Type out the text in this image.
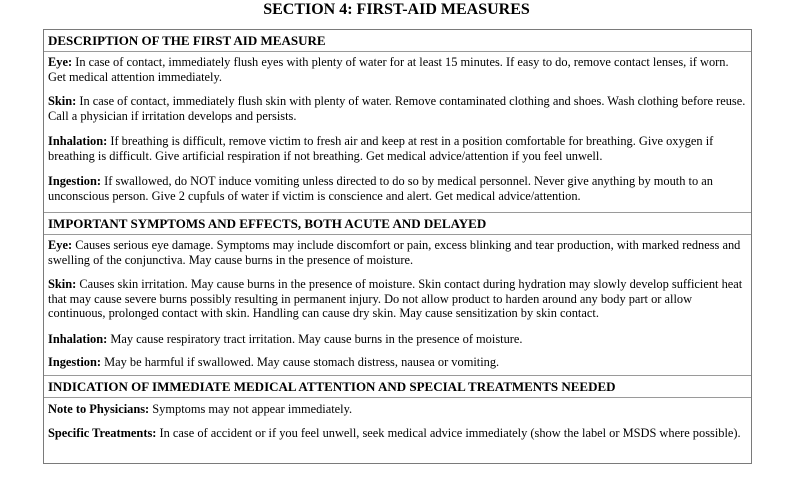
SECTION 4: FIRST-AID MEASURES
DESCRIPTION OF THE FIRST AID MEASURE

Eye: In case of contact, immediately flush eyes with plenty of water for at least 15 minutes. If easy to do, remove contact lenses, if worn. Get medical attention immediately.

Skin: In case of contact, immediately flush skin with plenty of water. Remove contaminated clothing and shoes. Wash clothing before reuse. Call a physician if irritation develops and persists.

Inhalation: If breathing is difficult, remove victim to fresh air and keep at rest in a position comfortable for breathing. Give oxygen if breathing is difficult. Give artificial respiration if not breathing. Get medical advice/attention if you feel unwell.

Ingestion: If swallowed, do NOT induce vomiting unless directed to do so by medical personnel. Never give anything by mouth to an unconscious person. Give 2 cupfuls of water if victim is conscience and alert. Get medical advice/attention.

IMPORTANT SYMPTOMS AND EFFECTS, BOTH ACUTE AND DELAYED

Eye: Causes serious eye damage. Symptoms may include discomfort or pain, excess blinking and tear production, with marked redness and swelling of the conjunctiva. May cause burns in the presence of moisture.

Skin: Causes skin irritation. May cause burns in the presence of moisture. Skin contact during hydration may slowly develop sufficient heat that may cause severe burns possibly resulting in permanent injury. Do not allow product to harden around any body part or allow continuous, prolonged contact with skin. Handling can cause dry skin. May cause sensitization by skin contact.

Inhalation: May cause respiratory tract irritation. May cause burns in the presence of moisture.

Ingestion: May be harmful if swallowed. May cause stomach distress, nausea or vomiting.

INDICATION OF IMMEDIATE MEDICAL ATTENTION AND SPECIAL TREATMENTS NEEDED

Note to Physicians: Symptoms may not appear immediately.

Specific Treatments: In case of accident or if you feel unwell, seek medical advice immediately (show the label or MSDS where possible).
